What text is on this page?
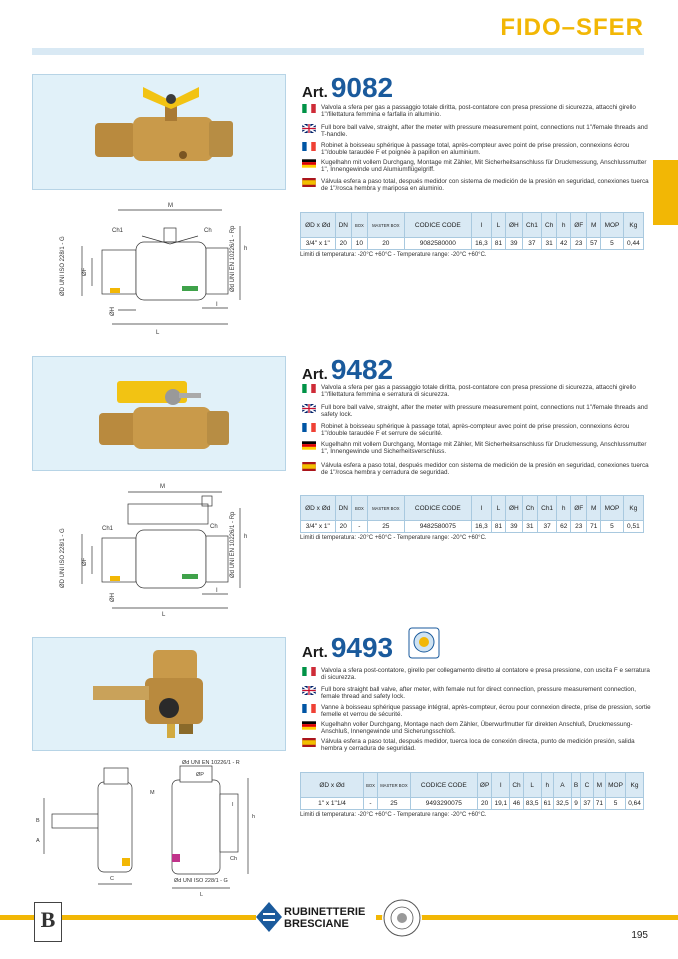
FIDO–SFER
Art. 9082
Valvola a sfera per gas a passaggio totale diritta, post-contatore con presa pressione di sicurezza, attacchi girello 1"/filettatura femmina e farfalla in alluminio.
Full bore ball valve, straight, after the meter with pressure measurement point, connections nut 1"/female threads and T-handle.
Robinet à boisseau sphérique à passage total, après-compteur avec point de prise pression, connexions écrou 1"/double taraudée F et poignée à papillon en aluminium.
Kugelhahn mit vollem Durchgang, Montage mit Zähler, Mit Sicherheitsanschluss für Druckmessung, Anschlussmutter 1", Innengewinde und Alumiumflügelgriff.
Válvula esfera a paso total, después medidor con sistema de medición de la presión en seguridad, conexiones tuerca de 1"/rosca hembra y mariposa en aluminio.
ØD x Ød	DN	BOX	MASTER BOX	CODICE CODE	I	L	ØH	Ch1	Ch	h	ØF	M	MOP	Kg
3/4" x 1"	20	10	20	9082580000	16,3	81	39	37	31	42	23	57	5	0,44
Limiti di temperatura: -20°C +60°C - Temperature range: -20°C +60°C.
M
Ch1	Ch
h
L
I
ØF
ØH
ØD UNI ISO 228/1 - G	Ød UNI EN 10226/1 - Rp
Art. 9482
Valvola a sfera per gas a passaggio totale diritta, post-contatore con presa pressione di sicurezza, attacchi girello 1"/filettatura femmina e serratura di sicurezza.
Full bore ball valve, straight, after the meter with pressure measurement point, connections nut 1"/female threads and safety lock.
Robinet à boisseau sphérique à passage total, après-compteur avec point de prise pression, connexions écrou 1"/double taraudée F et serrure de sécurité.
Kugelhahn mit vollem Durchgang, Montage mit Zähler, Mit Sicherheitsanschluss für Druckmessung, Anschlussmutter 1", Innengewinde und Sicherheitsverschluss.
Válvula esfera a paso total, después medidor con sistema de medición de la presión en seguridad, conexiones tuerca de 1"/rosca hembra y cerradura de seguridad.
ØD x Ød	DN	BOX	MASTER BOX	CODICE CODE	I	L	ØH	Ch	Ch1	h	ØF	M	MOP	Kg
3/4" x 1"	20	-	25	9482580075	16,3	81	39	31	37	62	23	71	5	0,51
Limiti di temperatura: -20°C +60°C - Temperature range: -20°C +60°C.
M
Ch1	Ch
h
L
I
ØF
ØH
ØD UNI ISO 228/1 - G	Ød UNI EN 10226/1 - Rp
Art. 9493
Valvola a sfera post-contatore, girello per collegamento diretto al contatore e presa pressione, con uscita F e serratura di sicurezza.
Full bore straight ball valve, after meter, with female nut for direct connection, pressure measurement connection, female thread and safety lock.
Vanne à boisseau sphérique passage intégral, après-compteur, écrou pour connexion directe, prise de pression, sortie femelle et verrou de sécurité.
Kugelhahn voller Durchgang, Montage nach dem Zähler, Überwurfmutter für direkten Anschluß, Druckmessung-Anschluß, Innengewinde und Sicherungsschloß.
Válvula esfera a paso total, después medidor, tuerca loca de conexión directa, punto de medición presión, salida hembra y cerradura de seguridad.
ØD x Ød	BOX	MASTER BOX	CODICE CODE	ØP	I	Ch	L	h	A	B	C	M	MOP	Kg
1" x 1"1/4	-	25	9493290075	20	19,1	46	83,5	61	32,5	9	37	71	5	0,64
Limiti di temperatura: -20°C +60°C - Temperature range: -20°C +60°C.
Ød UNI EN 10226/1 - R
ØP
Ød UNI ISO 228/1 - G
A
B
C
M
L
h
Ch
I
B	RUBINETTERIE
BRESCIANE
195
